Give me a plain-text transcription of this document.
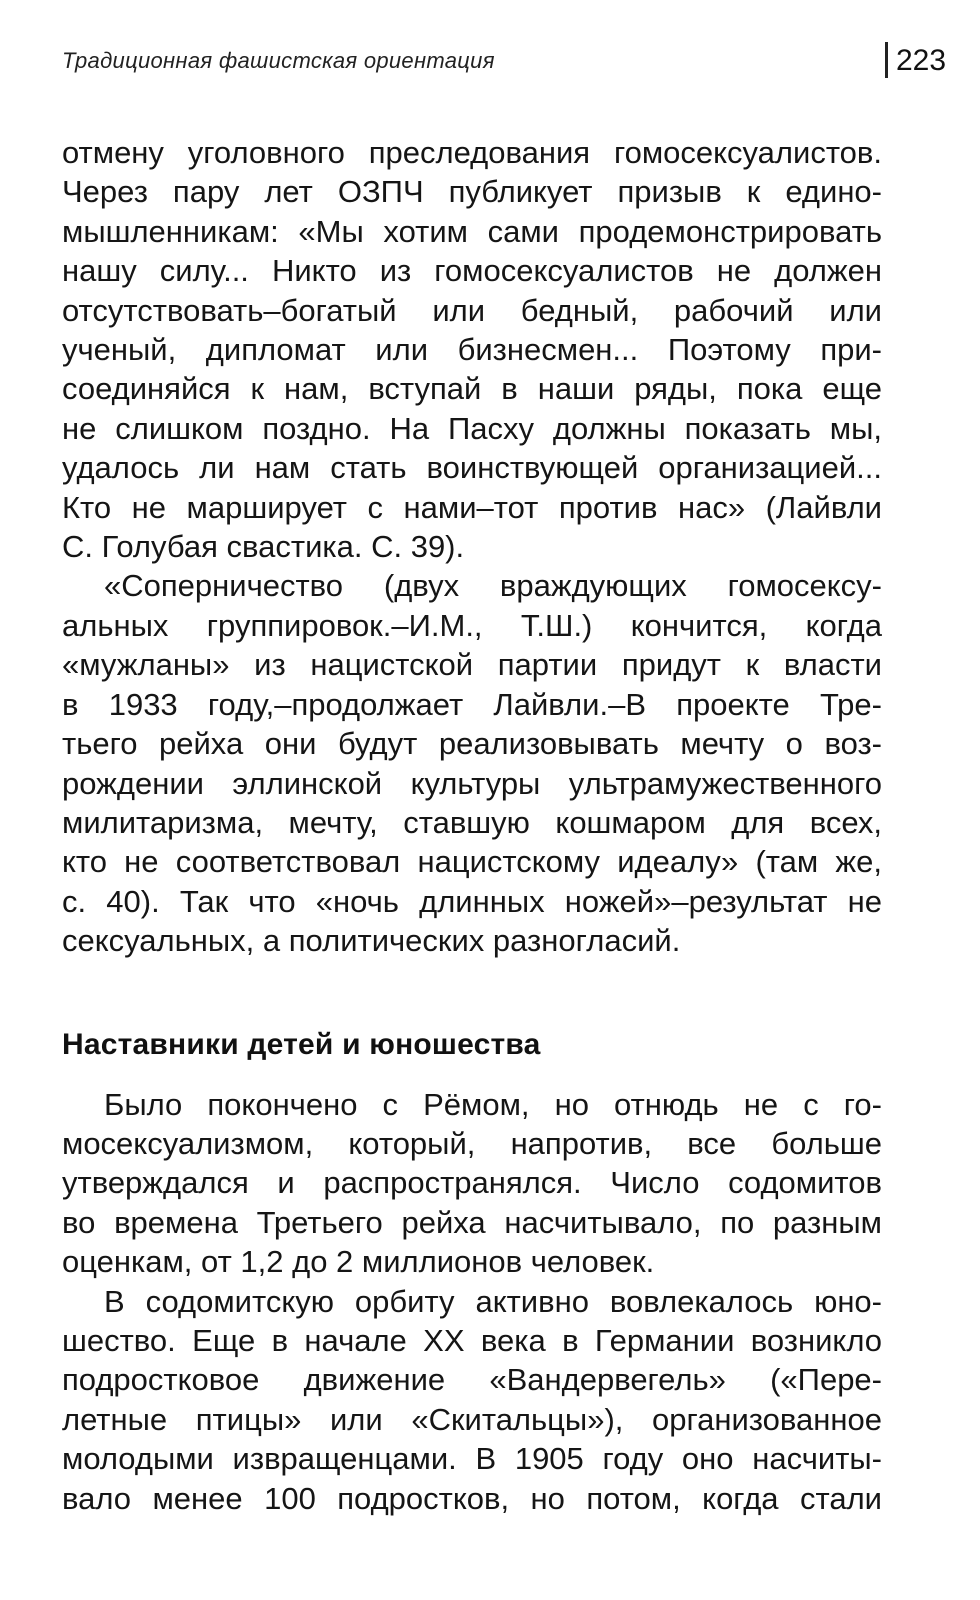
Традиционная фашистская ориентация	223

отмену уголовного преследования гомосексуалистов.
Через пару лет ОЗПЧ публикует призыв к едино-
мышленникам: «Мы хотим сами продемонстрировать
нашу силу... Никто из гомосексуалистов не должен
отсутствовать–богатый или бедный, рабочий или
ученый, дипломат или бизнесмен... Поэтому при-
соединяйся к нам, вступай в наши ряды, пока еще
не слишком поздно. На Пасху должны показать мы,
удалось ли нам стать воинствующей организацией...
Кто не марширует с нами–тот против нас» (Лайвли
С. Голубая свастика. С. 39).

«Соперничество (двух враждующих гомосексу-
альных группировок.–И.М., Т.Ш.) кончится, когда
«мужланы» из нацистской партии придут к власти
в 1933 году,–продолжает Лайвли.–В проекте Тре-
тьего рейха они будут реализовывать мечту о воз-
рождении эллинской культуры ультрамужественного
милитаризма, мечту, ставшую кошмаром для всех,
кто не соответствовал нацистскому идеалу» (там же,
с. 40). Так что «ночь длинных ножей»–результат не
сексуальных, а политических разногласий.

Наставники детей и юношества

Было покончено с Рёмом, но отнюдь не с го-
мосексуализмом, который, напротив, все больше
утверждался и распространялся. Число содомитов
во времена Третьего рейха насчитывало, по разным
оценкам, от 1,2 до 2 миллионов человек.

В содомитскую орбиту активно вовлекалось юно-
шество. Еще в начале XX века в Германии возникло
подростковое движение «Вандервегель» («Пере-
летные птицы» или «Скитальцы»), организованное
молодыми извращенцами. В 1905 году оно насчиты-
вало менее 100 подростков, но потом, когда стали
